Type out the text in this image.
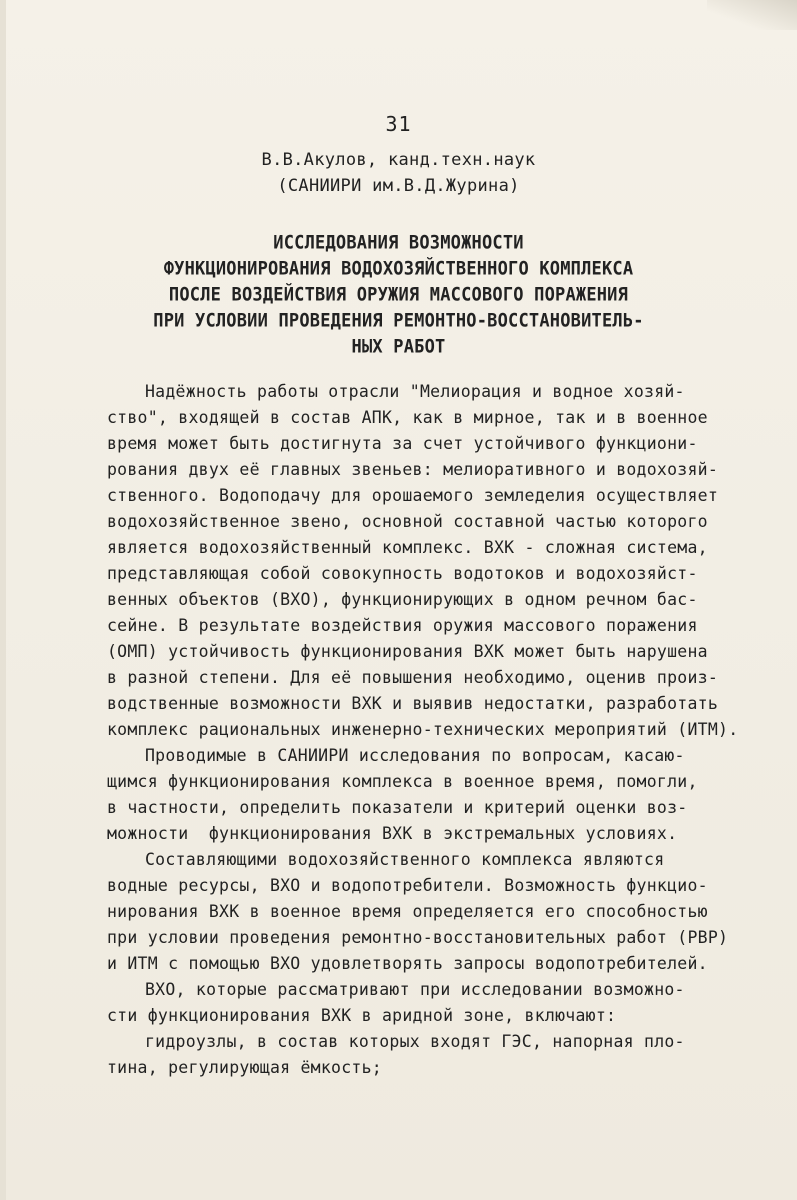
31
В.В.Акулов, канд.техн.наук
(САНИИРИ им.В.Д.Журина)
ИССЛЕДОВАНИЯ ВОЗМОЖНОСТИ
ФУНКЦИОНИРОВАНИЯ ВОДОХОЗЯЙСТВЕННОГО КОМПЛЕКСА
ПОСЛЕ ВОЗДЕЙСТВИЯ ОРУЖИЯ МАССОВОГО ПОРАЖЕНИЯ
ПРИ УСЛОВИИ ПРОВЕДЕНИЯ РЕМОНТНО-ВОССТАНОВИТЕЛЬ-
НЫХ РАБОТ
Надёжность работы отрасли "Мелиорация и водное хозяй-
ство", входящей в состав АПК, как в мирное, так и в военное
время может быть достигнута за счет устойчивого функциони-
рования двух её главных звеньев: мелиоративного и водохозяй-
ственного. Водоподачу для орошаемого земледелия осуществляет
водохозяйственное звено, основной составной частью которого
является водохозяйственный комплекс. ВХК - сложная система,
представляющая собой совокупность водотоков и водохозяйст-
венных объектов (ВХО), функционирующих в одном речном бас-
сейне. В результате воздействия оружия массового поражения
(ОМП) устойчивость функционирования ВХК может быть нарушена
в разной степени. Для её повышения необходимо, оценив произ-
водственные возможности ВХК и выявив недостатки, разработать
комплекс рациональных инженерно-технических мероприятий (ИТМ).
Проводимые в САНИИРИ исследования по вопросам, касаю-
щимся функционирования комплекса в военное время, помогли,
в частности, определить показатели и критерий оценки воз-
можности  функционирования ВХК в экстремальных условиях.
Составляющими водохозяйственного комплекса являются
водные ресурсы, ВХО и водопотребители. Возможность функцио-
нирования ВХК в военное время определяется его способностью
при условии проведения ремонтно-восстановительных работ (РВР)
и ИТМ с помощью ВХО удовлетворять запросы водопотребителей.
ВХО, которые рассматривают при исследовании возможно-
сти функционирования ВХК в аридной зоне, включают:
гидроузлы, в состав которых входят ГЭС, напорная пло-
тина, регулирующая ёмкость;
